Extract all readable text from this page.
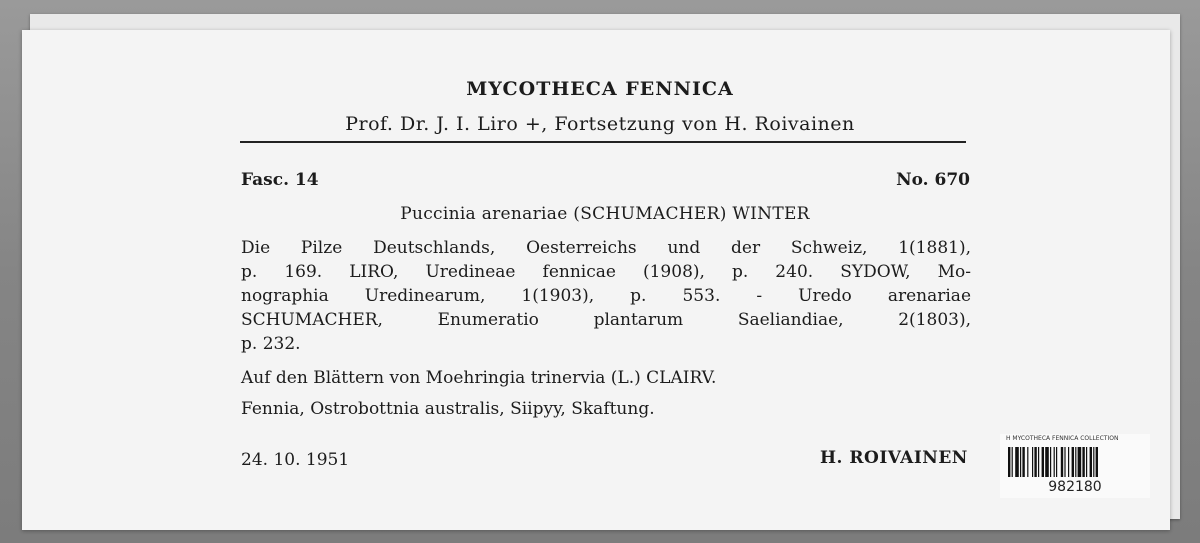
MYCOTHECA FENNICA
Prof. Dr. J. I. Liro +, Fortsetzung von H. Roivainen
Fasc. 14	No. 670
Puccinia arenariae (SCHUMACHER) WINTER
Die Pilze Deutschlands, Oesterreichs und der Schweiz, 1(1881),
p. 169. LIRO, Uredineae fennicae (1908), p. 240. SYDOW, Mo-
nographia Uredinearum, 1(1903), p. 553. - Uredo arenariae
SCHUMACHER, Enumeratio plantarum Saeliandiae, 2(1803),
p. 232.
Auf den Blättern von Moehringia trinervia (L.) CLAIRV.
Fennia, Ostrobottnia australis, Siipyy, Skaftung.
24. 10. 1951	H. ROIVAINEN
H MYCOTHECA FENNICA COLLECTION
982180
